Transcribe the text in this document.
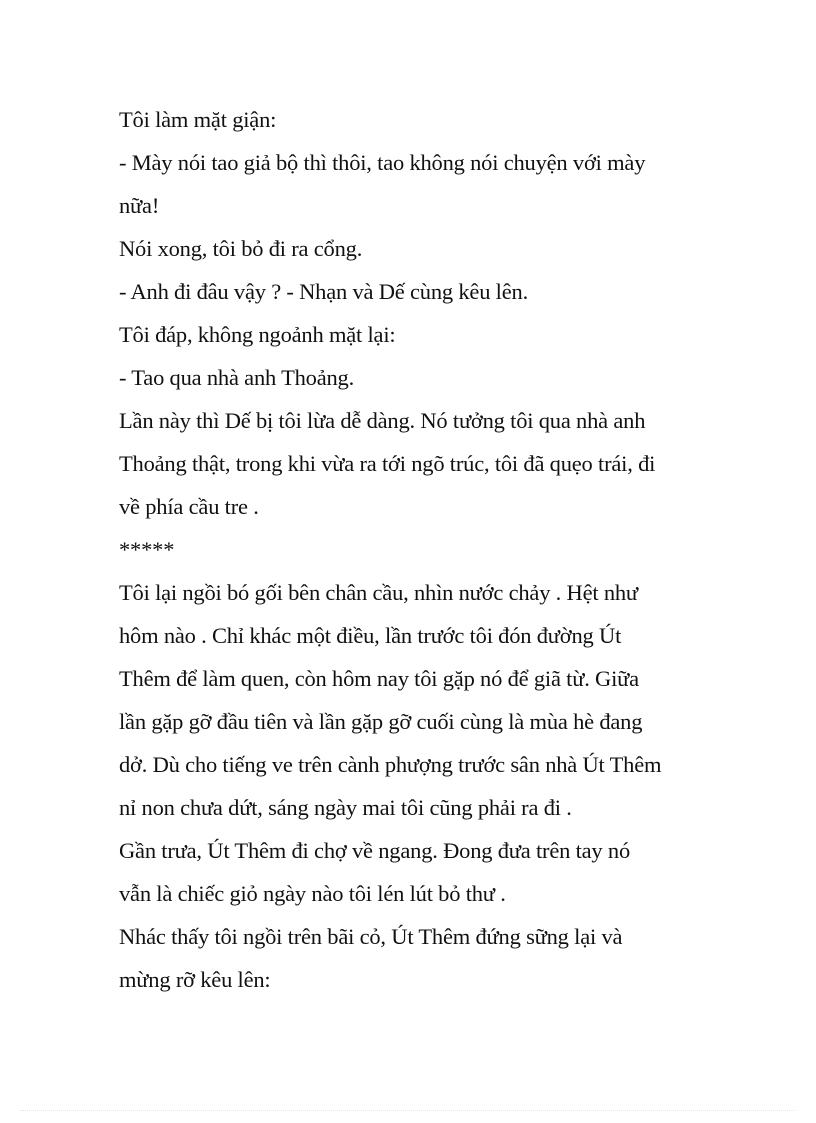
Tôi làm mặt giận:
- Mày nói tao giả bộ thì thôi, tao không nói chuyện với mày
nữa!
Nói xong, tôi bỏ đi ra cổng.
- Anh đi đâu vậy ? - Nhạn và Dế cùng kêu lên.
Tôi đáp, không ngoảnh mặt lại:
- Tao qua nhà anh Thoảng.
Lần này thì Dế bị tôi lừa dễ dàng. Nó tưởng tôi qua nhà anh
Thoảng thật, trong khi vừa ra tới ngõ trúc, tôi đã quẹo trái, đi
về phía cầu tre .
*****
Tôi lại ngồi bó gối bên chân cầu, nhìn nước chảy . Hệt như
hôm nào . Chỉ khác một điều, lần trước tôi đón đường Út
Thêm để làm quen, còn hôm nay tôi gặp nó để giã từ. Giữa
lần gặp gỡ đầu tiên và lần gặp gỡ cuối cùng là mùa hè đang
dở. Dù cho tiếng ve trên cành phượng trước sân nhà Út Thêm
nỉ non chưa dứt, sáng ngày mai tôi cũng phải ra đi .
Gần trưa, Út Thêm đi chợ về ngang. Đong đưa trên tay nó
vẫn là chiếc giỏ ngày nào tôi lén lút bỏ thư .
Nhác thấy tôi ngồi trên bãi cỏ, Út Thêm đứng sững lại và
mừng rỡ kêu lên:
